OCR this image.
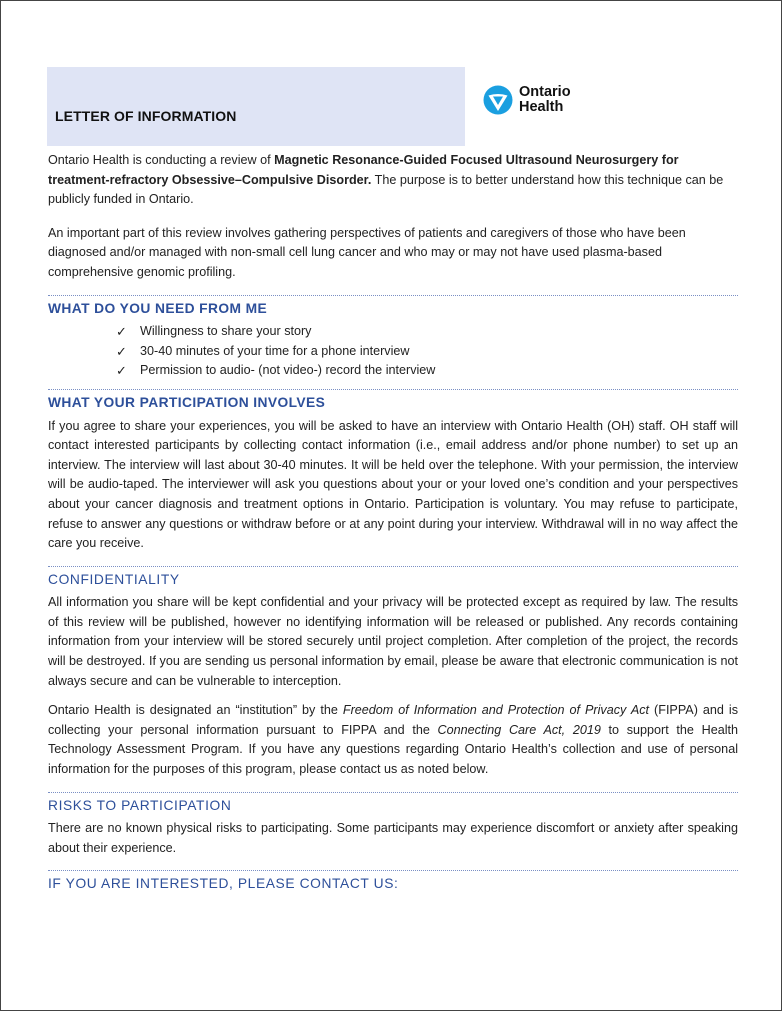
LETTER OF INFORMATION
Ontario
Health

Ontario Health is conducting a review of Magnetic Resonance-Guided Focused Ultrasound Neurosurgery for treatment-refractory Obsessive–Compulsive Disorder. The purpose is to better understand how this technique can be publicly funded in Ontario.

An important part of this review involves gathering perspectives of patients and caregivers of those who have been diagnosed and/or managed with non-small cell lung cancer and who may or may not have used plasma-based comprehensive genomic profiling.

WHAT DO YOU NEED FROM ME
✓ Willingness to share your story
✓ 30-40 minutes of your time for a phone interview
✓ Permission to audio- (not video-) record the interview
WHAT YOUR PARTICIPATION INVOLVES

If you agree to share your experiences, you will be asked to have an interview with Ontario Health (OH) staff. OH staff will contact interested participants by collecting contact information (i.e., email address and/or phone number) to set up an interview. The interview will last about 30-40 minutes. It will be held over the telephone. With your permission, the interview will be audio-taped. The interviewer will ask you questions about your or your loved one’s condition and your perspectives about your cancer diagnosis and treatment options in Ontario. Participation is voluntary. You may refuse to participate, refuse to answer any questions or withdraw before or at any point during your interview. Withdrawal will in no way affect the care you receive.

CONFIDENTIALITY

All information you share will be kept confidential and your privacy will be protected except as required by law. The results of this review will be published, however no identifying information will be released or published. Any records containing information from your interview will be stored securely until project completion. After completion of the project, the records will be destroyed. If you are sending us personal information by email, please be aware that electronic communication is not always secure and can be vulnerable to interception.

Ontario Health is designated an “institution” by the Freedom of Information and Protection of Privacy Act (FIPPA) and is collecting your personal information pursuant to FIPPA and the Connecting Care Act, 2019 to support the Health Technology Assessment Program. If you have any questions regarding Ontario Health’s collection and use of personal information for the purposes of this program, please contact us as noted below.

RISKS TO PARTICIPATION

There are no known physical risks to participating. Some participants may experience discomfort or anxiety after speaking about their experience.

IF YOU ARE INTERESTED, PLEASE CONTACT US:
